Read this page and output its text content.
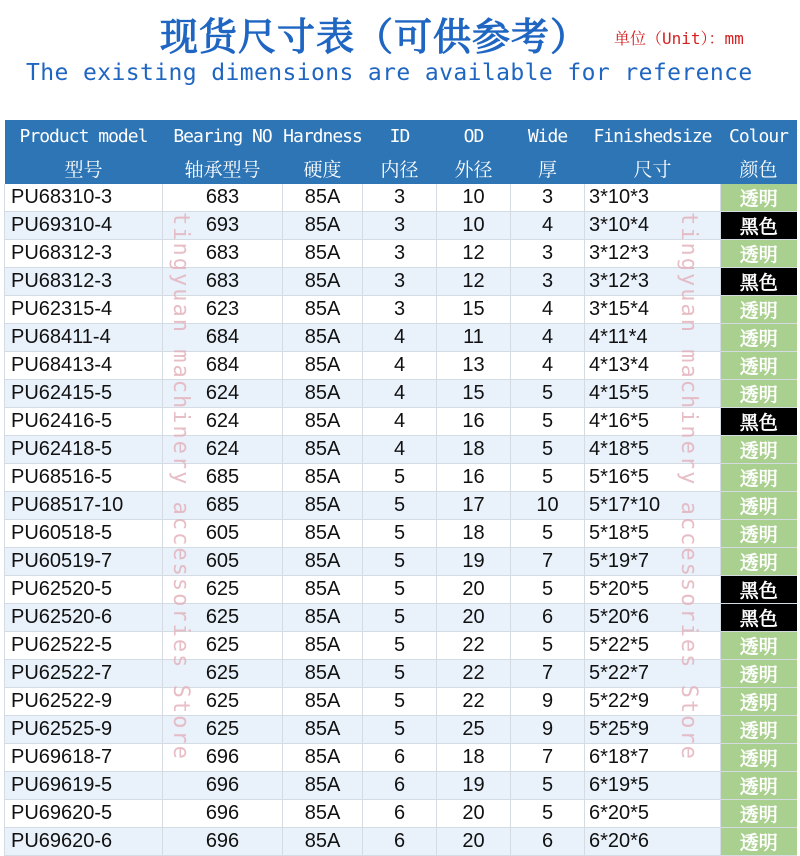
现货尺寸表（可供参考） 单位（Unit）：mm
The existing dimensions are available for reference
Product model	Bearing NO	Hardness	ID	OD	Wide	Finishedsize	Colour
型号	轴承型号	硬度	内径	外径	厚	尺寸	颜色
PU68310-3	683	85A	3	10	3	3*10*3	透明
PU69310-4	693	85A	3	10	4	3*10*4	黑色
PU68312-3	683	85A	3	12	3	3*12*3	透明
PU68312-3	683	85A	3	12	3	3*12*3	黑色
PU62315-4	623	85A	3	15	4	3*15*4	透明
PU68411-4	684	85A	4	11	4	4*11*4	透明
PU68413-4	684	85A	4	13	4	4*13*4	透明
PU62415-5	624	85A	4	15	5	4*15*5	透明
PU62416-5	624	85A	4	16	5	4*16*5	黑色
PU62418-5	624	85A	4	18	5	4*18*5	透明
PU68516-5	685	85A	5	16	5	5*16*5	透明
PU68517-10	685	85A	5	17	10	5*17*10	透明
PU60518-5	605	85A	5	18	5	5*18*5	透明
PU60519-7	605	85A	5	19	7	5*19*7	透明
PU62520-5	625	85A	5	20	5	5*20*5	黑色
PU62520-6	625	85A	5	20	6	5*20*6	黑色
PU62522-5	625	85A	5	22	5	5*22*5	透明
PU62522-7	625	85A	5	22	7	5*22*7	透明
PU62522-9	625	85A	5	22	9	5*22*9	透明
PU62525-9	625	85A	5	25	9	5*25*9	透明
PU69618-7	696	85A	6	18	7	6*18*7	透明
PU69619-5	696	85A	6	19	5	6*19*5	透明
PU69620-5	696	85A	6	20	5	6*20*5	透明
PU69620-6	696	85A	6	20	6	6*20*6	透明
tingyuan machinery accessories Store	tingyuan machinery accessories Store
